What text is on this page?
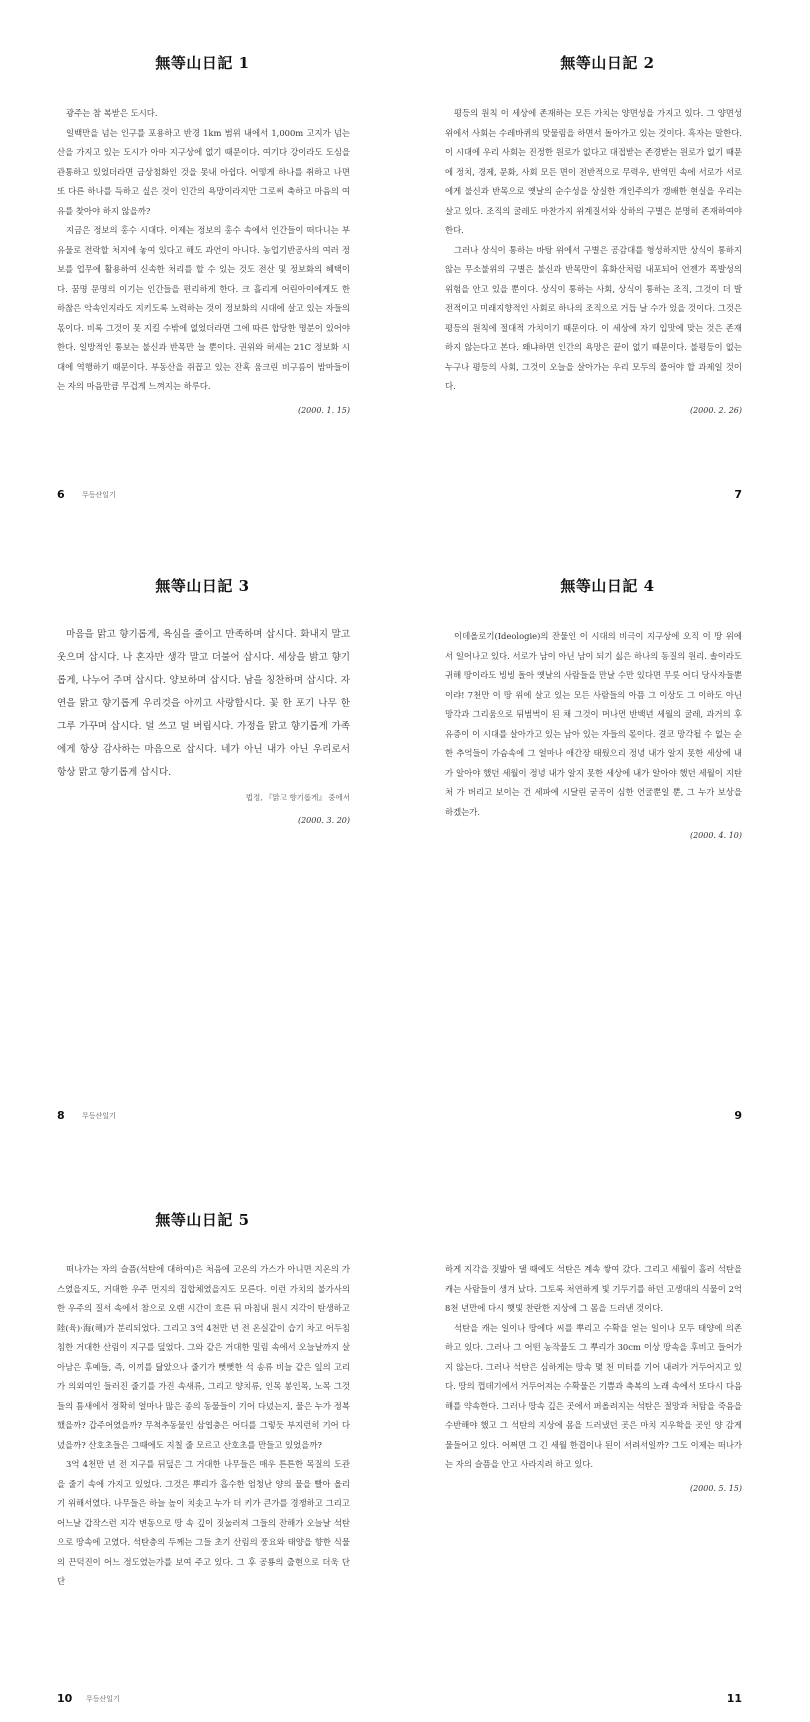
無等山日記 1

광주는 참 복받은 도시다.

일백만을 넘는 인구를 포용하고 반경 1km 범위 내에서 1,000m 고지가 넘는 산을 가지고 있는 도시가 아마 지구상에 없기 때문이다. 여기다 강이라도 도심을 관통하고 있었더라면 금상첨화인 것을 못내 아쉽다. 어떻게 하나를 취하고 나면 또 다른 하나를 득하고 싶은 것이 인간의 욕망이라지만 그로써 축하고 마음의 여유를 찾아야 하지 않을까?

지금은 정보의 홍수 시대다. 이제는 정보의 홍수 속에서 인간들이 떠다니는 부유물로 전락할 처지에 놓여 있다고 해도 과언이 아니다. 농업기반공사의 여러 정보를 업무에 활용하여 신속한 처리를 할 수 있는 것도 전산 및 정보화의 혜택이다. 꿈명 문명의 이기는 인간들을 편리하게 한다. 크 흘리게 어린아이에게도 한 하찮은 악속인지라도 지키도록 노력하는 것이 정보화의 시대에 살고 있는 자들의 몫이다. 비록 그것이 못 지킬 수밖에 없었더라면 그에 따른 합당한 명분이 있어야 한다. 일방적인 통보는 불신과 반목만 늘 뿐이다. 권위와 허세는 21C 정보화 시대에 역행하기 때문이다. 부동산을 쥐꼽고 있는 잔혹 움크린 비구름이 밤마들이는 자의 마음만큼 무겁게 느껴지는 하루다.

(2000. 1. 15)
6 무등산일기
無等山日記 2

평등의 원칙 이 세상에 존재하는 모든 가치는 양면성을 가지고 있다. 그 양면성 위에서 사회는 수레바퀴의 맞물림을 하면서 돌아가고 있는 것이다. 흑자는 말한다. 이 시대에 우리 사회는 진정한 원로가 없다고 대접받는 존경받는 원로가 없기 때문에 정치, 경제, 문화, 사회 모든 면이 전반적으로 무력우, 반역민 속에 서로가 서로에게 불신과 반목으로 옛날의 순수성을 상실한 개인주의가 갱배한 현실을 우리는 살고 있다. 조직의 굴레도 마찬가지 위계질서와 상하의 구별은 분명히 존재하여야 한다.

그러나 상식이 통하는 바탕 위에서 구별은 공감대를 형성하지만 상식이 통하지 않는 무소불위의 구별은 불신과 반목만이 휴화산처럼 내포되어 언젠가 폭발성의 위험을 안고 있을 뿐이다. 상식이 통하는 사회, 상식이 통하는 조직, 그것이 더 발전적이고 미래지향적인 사회로 하나의 조직으로 거듭 날 수가 있을 것이다. 그것은 평등의 원칙에 절대적 가치이기 때문이다. 이 세상에 자기 입맛에 맞는 것은 존재하지 않는다고 본다. 왜냐하면 인간의 욕망은 끝이 없기 때문이다. 불평등이 없는 누구나 평등의 사회, 그것이 오늘을 살아가는 우리 모두의 풀어야 할 과제일 것이다.

(2000. 2. 26)
7
無等山日記 3

마음을 맑고 향기롭게, 욕심을 줄이고 만족하며 삽시다. 화내지 말고 웃으며 삽시다. 나 혼자만 생각 말고 더불어 삽시다. 세상을 밝고 향기롭게, 나누어 주며 삽시다. 양보하며 삽시다. 남을 칭찬하며 삽시다. 자연을 맑고 향기롭게 우리것을 아끼고 사랑합시다. 꽃 한 포기 나무 한 그루 가꾸며 삽시다. 덜 쓰고 덜 버립시다. 가정을 맑고 향기롭게 가족에게 항상 감사하는 마음으로 삽시다. 네가 아닌 내가 아닌 우리로서 항상 맑고 향기롭게 삽시다.

법정, 『맑고 향기롭게』 중에서
(2000. 3. 20)
8 무등산일기
無等山日記 4

이데올로기(Ideologie)의 잔물인 이 시대의 비극이 지구상에 오직 이 땅 위에서 일어나고 있다. 서로가 남이 아닌 남이 되기 싫은 하나의 동질의 원리. 솔이라도 귀해 땅이라도 빙빙 돌아 옛날의 사람들을 만날 수만 있다면 무릇 어디 당사자들뿐이랴! 7천만 이 땅 위에 살고 있는 모든 사람들의 아픔 그 이상도 그 이하도 아닌 망각과 그리움으로 뒤범벅이 된 채 그것이 머나먼 반백년 세월의 굴레, 과거의 후유증이 이 시대를 살아가고 있는 남아 있는 자들의 몫이다. 결코 망각될 수 없는 순한 추억들이 가슴속에 그 얼마나 애간장 태웠으리 정녕 내가 알지 못한 세상에 내가 알아야 했던 세월이 정녕 내가 알지 못한 세상에 내가 알아야 했던 세월이 지탄처 가 버리고 보이는 건 세파에 시달린 굳곡이 심한 언굴뿐일 뿐, 그 누가 보상을 하겠는가.

(2000. 4. 10)
9
無等山日記 5

떠나가는 자의 슬픔(석탄에 대하여)은 처음에 고온의 가스가 아니면 지온의 가스였을지도, 거대한 우주 먼지의 집합체였을지도 모른다. 이런 가치의 불가사의한 우주의 질서 속에서 참으로 오랜 시간이 흐른 뒤 마침내 원시 지각이 탄생하고 陸(육)·海(해)가 분리되었다. 그리고 3억 4천만 년 전 온실같이 습기 차고 어두침침한 거대한 산림이 지구를 덮었다. 그와 같은 거대한 밀림 속에서 오늘날까지 살아남은 후예들, 즉, 이끼를 닮았으나 줄기가 뻣뻣한 석 송류 비늘 같은 잎의 고리가 의외여인 들러진 줄기를 가진 속새류, 그리고 양치류, 인목 봉인목, 노목 그것들의 틈새에서 정확히 얼마나 많은 종의 동물들이 기어 다녔는지, 물은 누가 정복했을까? 갑주어였을까? 무척추동물인 삼엽충은 어디를 그렇듯 부지런히 기어 다녔을까? 산호초들은 그때에도 지칠 줄 모르고 산호초를 만들고 있었을까?

3억 4천만 년 전 지구를 뒤덮은 그 거대한 나무들은 매우 튼튼한 목질의 도관을 줄기 속에 가지고 있었다. 그것은 뿌리가 흡수한 엄청난 양의 물을 빨아 올리기 위해서였다. 나무들은 하늘 높이 치솟고 누가 더 키가 큰가를 경쟁하고 그리고 어느날 갑작스런 지각 변동으로 땅 속 깊이 짓눌러져 그들의 잔해가 오늘날 석탄으로 땅속에 고였다. 석탄층의 두께는 그들 초기 산림의 풍요와 태양을 향한 식물의 끈덕진이 어느 정도였는가를 보여 주고 있다. 그 후 공룡의 출현으로 더욱 단단

10 무등산일기

하게 지각을 짓밟아 댈 때에도 석탄은 계속 쌓여 갔다. 그리고 세월이 흘러 석탄을 캐는 사람들이 생겨 났다. 그토록 처연하게 빛 기두기를 하던 고생대의 식물이 2억 8천 년만에 다시 햇빛 찬란한 지상에 그 몸을 드러낸 것이다.

석탄을 캐는 일이나 땅에다 씨를 뿌리고 수확을 얻는 일이나 모두 태양에 의존하고 있다. 그러나 그 어떤 농작물도 그 뿌리가 30cm 이상 땅속을 후비고 들어가지 않는다. 그러나 석탄은 심하게는 땅속 몇 천 미터를 기어 내려가 거두어지고 있다. 땅의 껍데기에서 거두어져는 수확물은 기쁨과 축복의 노래 속에서 또다시 다음 해를 약속한다. 그러나 땅속 깊은 곳에서 퍼올려지는 석탄은 절망과 처탐을 죽음을 수반해야 했고 그 석탄의 지상에 몸을 드러냈던 곳은 마치 지우학을 곳인 양 감게 물들어고 있다. 어쩌면 그 긴 세월 한겹이나 된이 서려서일까? 그도 이제는 떠나가는 자의 슬픔을 안고 사라지려 하고 있다.

(2000. 5. 15)
11
